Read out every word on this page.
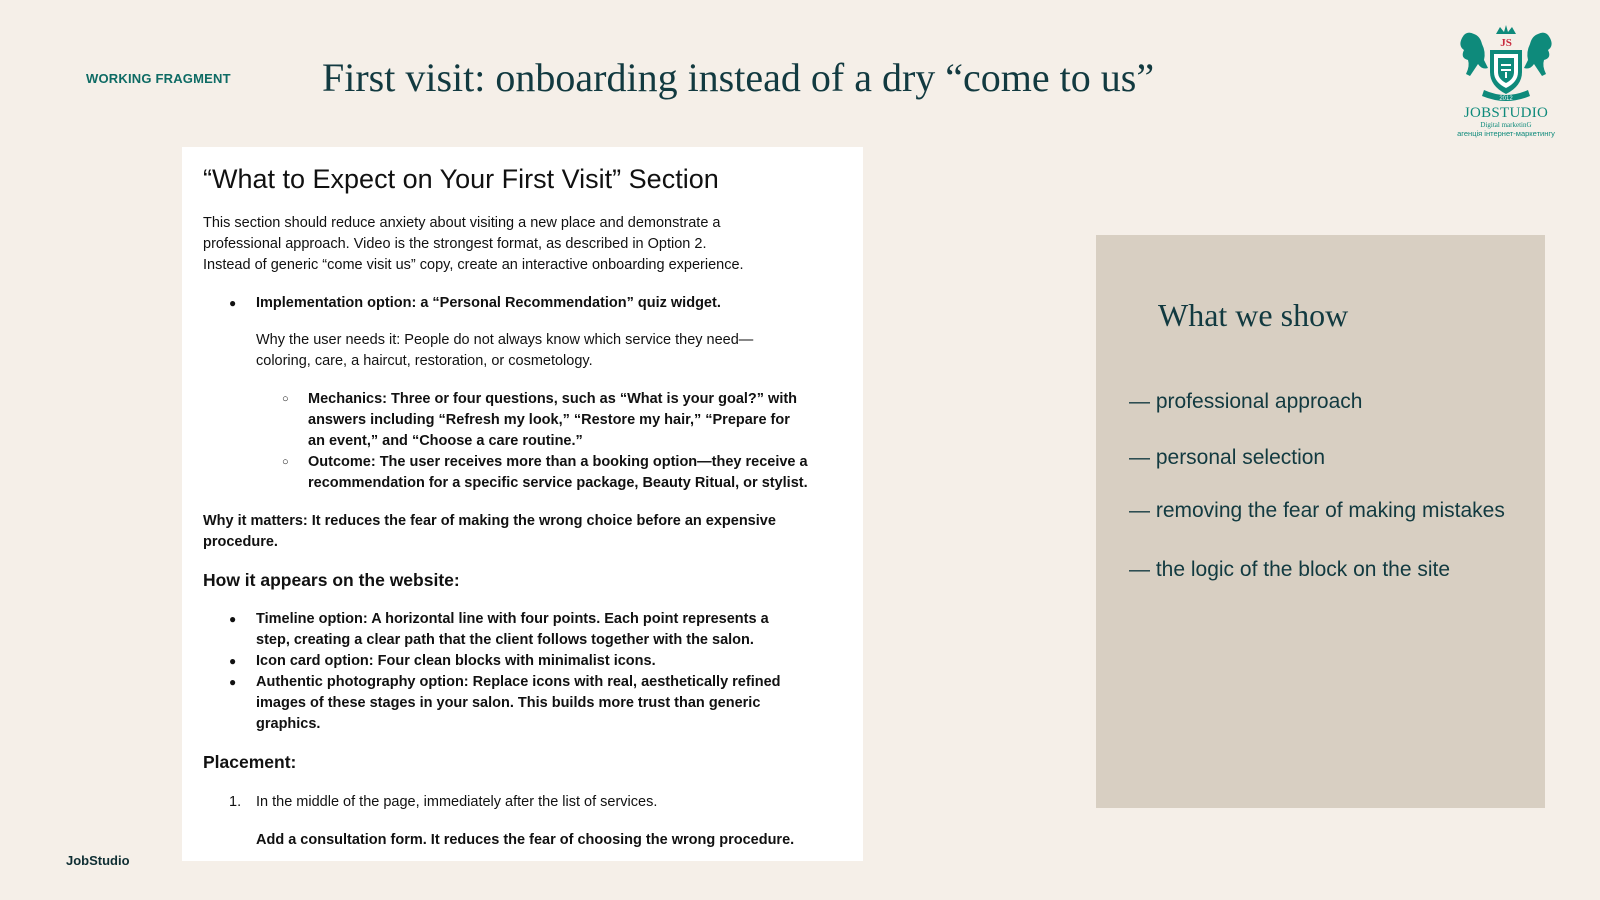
WORKING FRAGMENT First visit: onboarding instead of a dry “come to us”
JS
2012
JOBSTUDIO
Digital marketinG
агенція інтернет-маркетингу
“What to Expect on Your First Visit” Section
This section should reduce anxiety about visiting a new place and demonstrate a
professional approach. Video is the strongest format, as described in Option 2.
Instead of generic “come visit us” copy, create an interactive onboarding experience.
● Implementation option: a “Personal Recommendation” quiz widget.
Why the user needs it: People do not always know which service they need—
coloring, care, a haircut, restoration, or cosmetology.
○ Mechanics: Three or four questions, such as “What is your goal?” with
answers including “Refresh my look,” “Restore my hair,” “Prepare for
an event,” and “Choose a care routine.”
○ Outcome: The user receives more than a booking option—they receive a
recommendation for a specific service package, Beauty Ritual, or stylist.
Why it matters: It reduces the fear of making the wrong choice before an expensive
procedure.
How it appears on the website:
● Timeline option: A horizontal line with four points. Each point represents a
step, creating a clear path that the client follows together with the salon.
● Icon card option: Four clean blocks with minimalist icons.
● Authentic photography option: Replace icons with real, aesthetically refined
images of these stages in your salon. This builds more trust than generic
graphics.
Placement:
1. In the middle of the page, immediately after the list of services.
Add a consultation form. It reduces the fear of choosing the wrong procedure.
What we show
— professional approach
— personal selection
— removing the fear of making mistakes
— the logic of the block on the site
JobStudio
